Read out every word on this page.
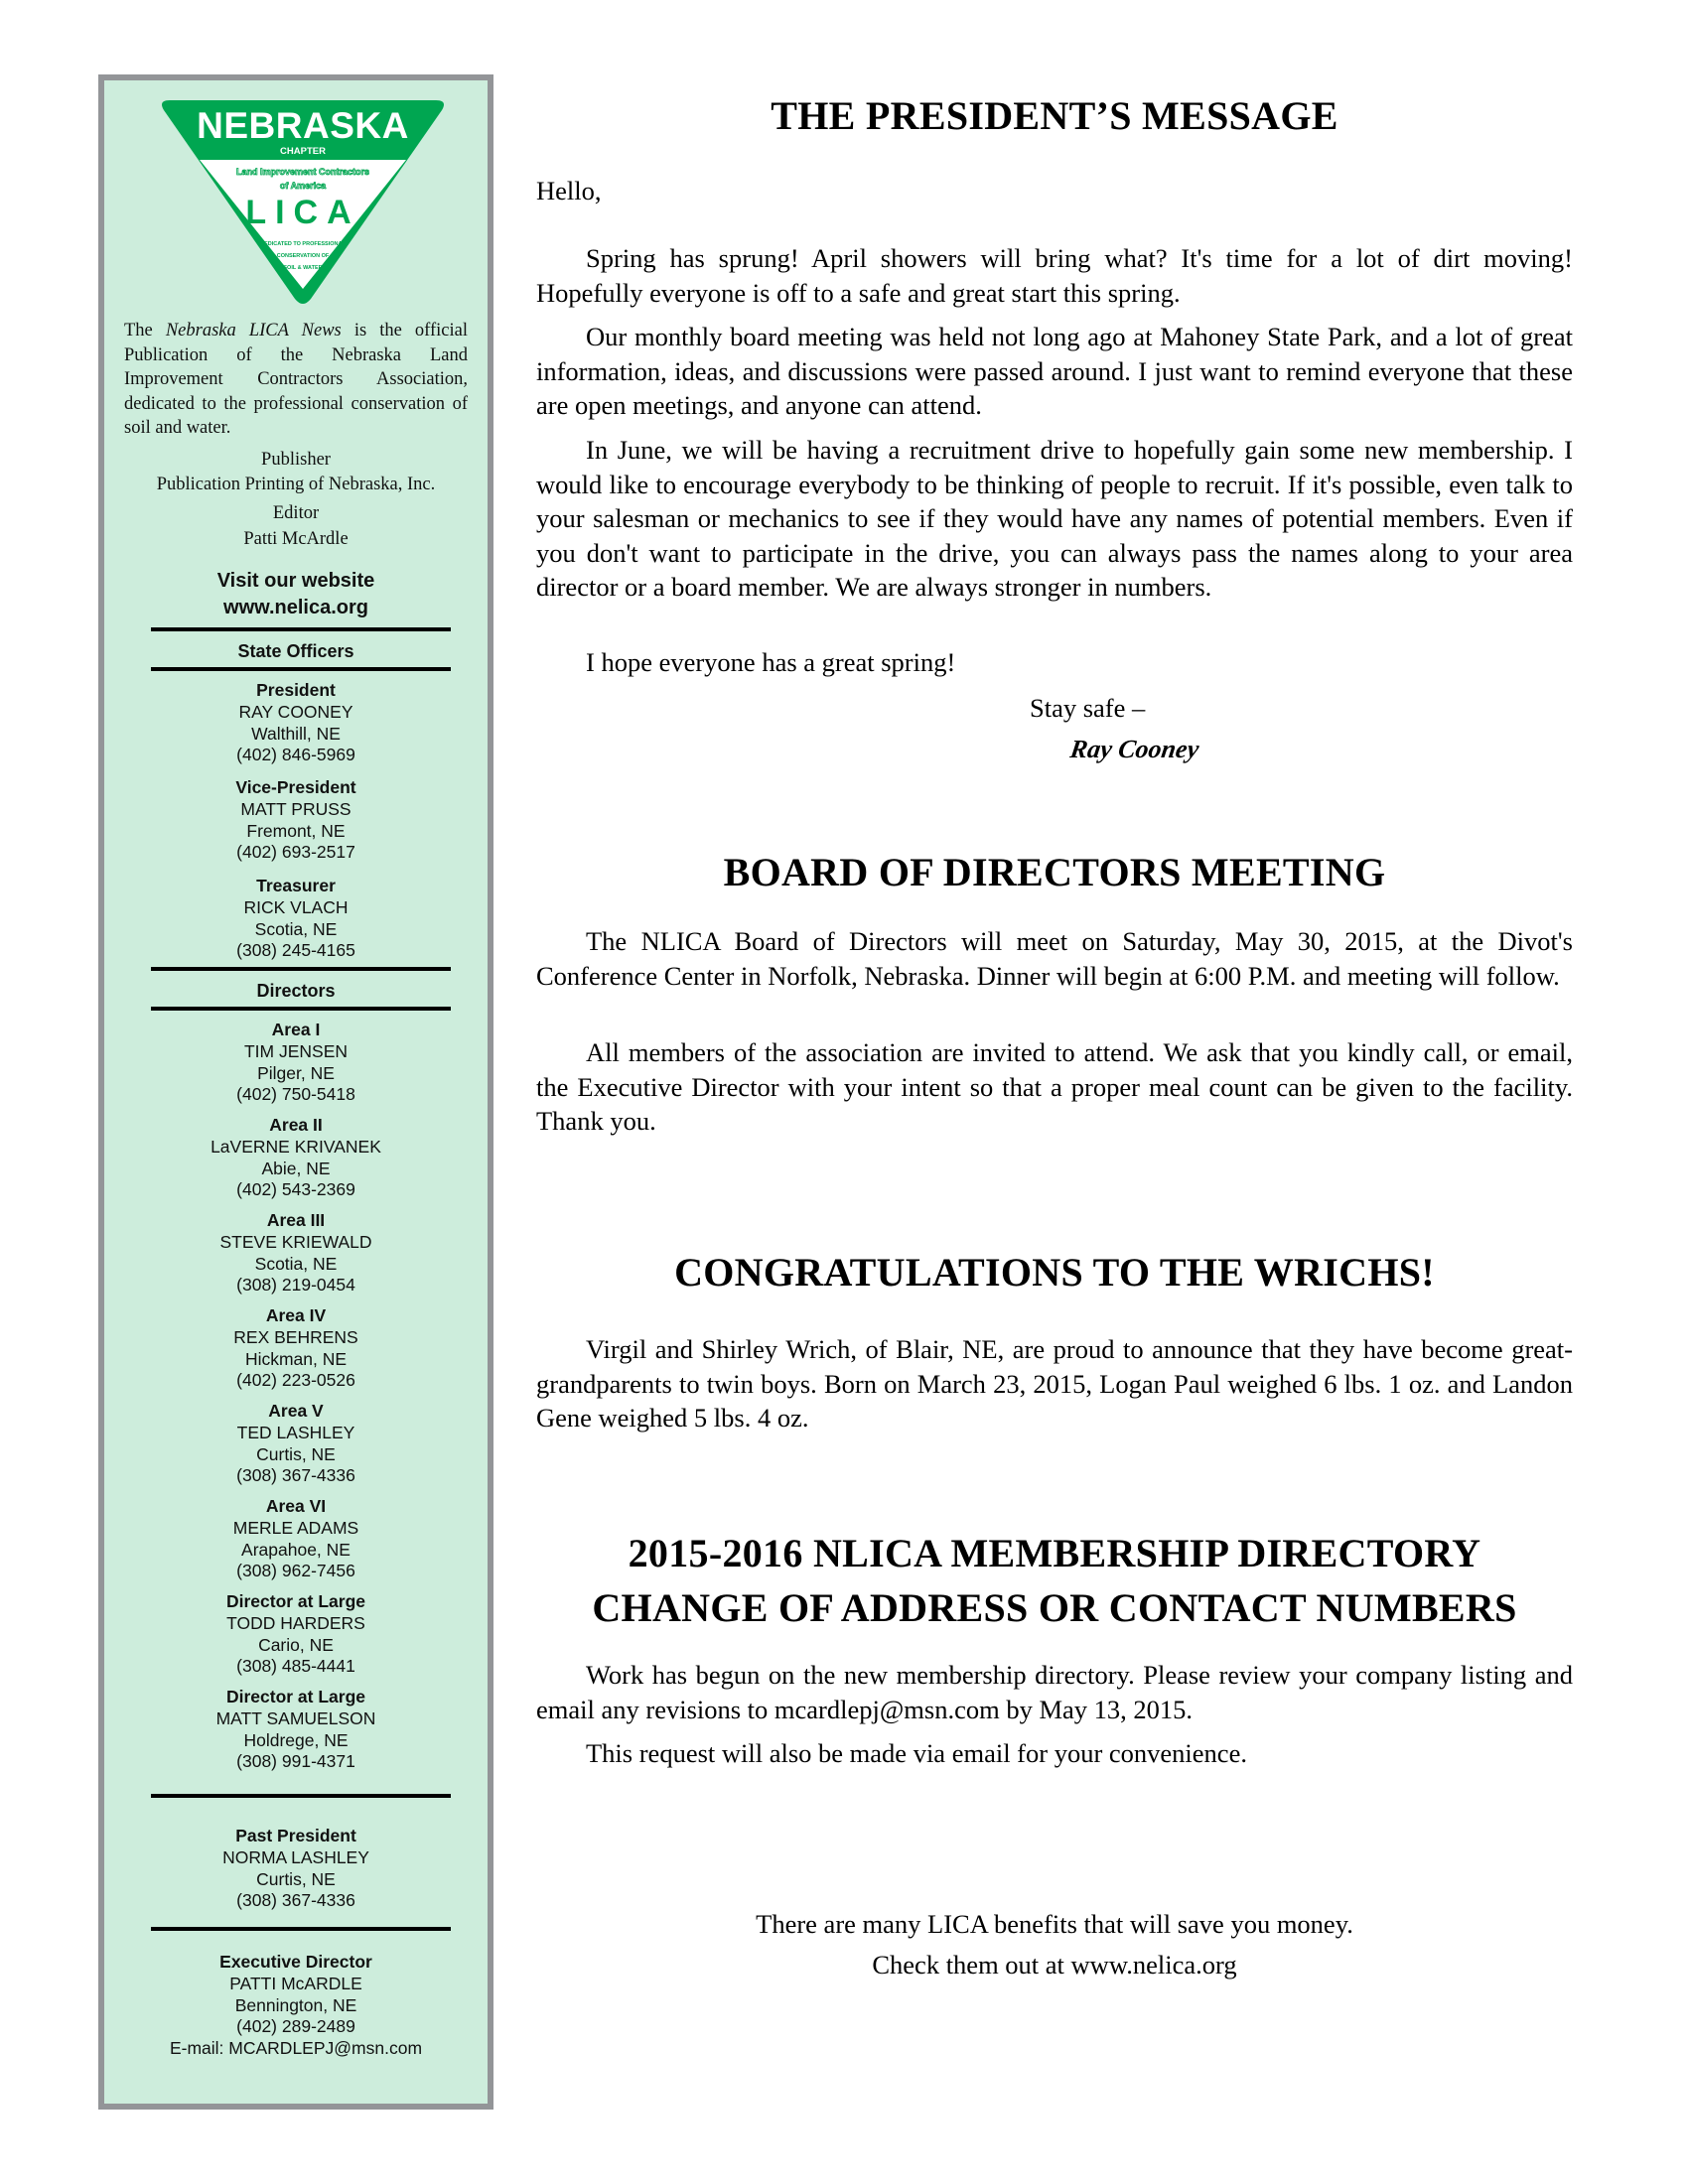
NEBRASKA
CHAPTER
Land Improvement Contractors
of America
LICA
DEDICATED TO PROFESSIONAL
CONSERVATION OF
SOIL & WATER
The Nebraska LICA News is the official Publication of the Nebraska Land Improvement Contractors Association, dedicated to the professional conservation of soil and water.
Publisher
Publication Printing of Nebraska, Inc.
Editor
Patti McArdle
Visit our website
www.nelica.org
State Officers
President
RAY COONEY
Walthill, NE
(402) 846-5969
Vice-President
MATT PRUSS
Fremont, NE
(402) 693-2517
Treasurer
RICK VLACH
Scotia, NE
(308) 245-4165
Directors
Area I
TIM JENSEN
Pilger, NE
(402) 750-5418
Area II
LaVERNE KRIVANEK
Abie, NE
(402) 543-2369
Area III
STEVE KRIEWALD
Scotia, NE
(308) 219-0454
Area IV
REX BEHRENS
Hickman, NE
(402) 223-0526
Area V
TED LASHLEY
Curtis, NE
(308) 367-4336
Area VI
MERLE ADAMS
Arapahoe, NE
(308) 962-7456
Director at Large
TODD HARDERS
Cario, NE
(308) 485-4441
Director at Large
MATT SAMUELSON
Holdrege, NE
(308) 991-4371
Past President
NORMA LASHLEY
Curtis, NE
(308) 367-4336
Executive Director
PATTI McARDLE
Bennington, NE
(402) 289-2489
E-mail: MCARDLEPJ@msn.com
THE PRESIDENT’S MESSAGE
Hello,
Spring has sprung! April showers will bring what? It's time for a lot of dirt moving! Hopefully everyone is off to a safe and great start this spring.
Our monthly board meeting was held not long ago at Mahoney State Park, and a lot of great information, ideas, and discussions were passed around. I just want to remind everyone that these are open meetings, and anyone can attend.
In June, we will be having a recruitment drive to hopefully gain some new membership. I would like to encourage everybody to be thinking of people to recruit. If it's possible, even talk to your salesman or mechanics to see if they would have any names of potential members. Even if you don't want to participate in the drive, you can always pass the names along to your area director or a board member. We are always stronger in numbers.
I hope everyone has a great spring!
Stay safe –
Ray Cooney
BOARD OF DIRECTORS MEETING
The NLICA Board of Directors will meet on Saturday, May 30, 2015, at the Divot's Conference Center in Norfolk, Nebraska. Dinner will begin at 6:00 P.M. and meeting will follow.
All members of the association are invited to attend. We ask that you kindly call, or email, the Executive Director with your intent so that a proper meal count can be given to the facility. Thank you.
CONGRATULATIONS TO THE WRICHS!
Virgil and Shirley Wrich, of Blair, NE, are proud to announce that they have become great-grandparents to twin boys. Born on March 23, 2015, Logan Paul weighed 6 lbs. 1 oz. and Landon Gene weighed 5 lbs. 4 oz.
2015-2016 NLICA MEMBERSHIP DIRECTORY
CHANGE OF ADDRESS OR CONTACT NUMBERS
Work has begun on the new membership directory. Please review your company listing and email any revisions to mcardlepj@msn.com by May 13, 2015.
This request will also be made via email for your convenience.
There are many LICA benefits that will save you money.
Check them out at www.nelica.org
